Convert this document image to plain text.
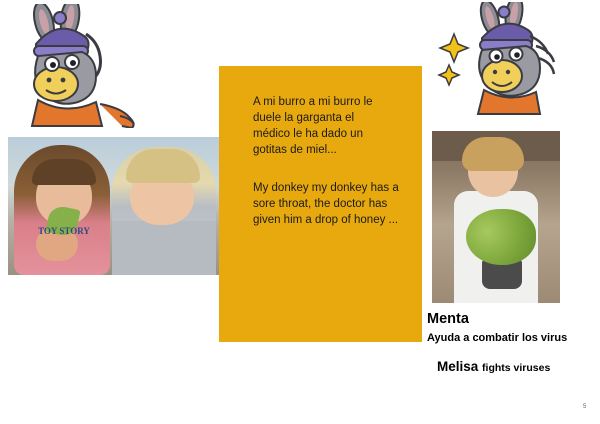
TOY STORY

A mi burro a mi burro le duele la garganta el médico le ha dado un gotitas de miel...

My donkey my donkey has a sore throat, the doctor has given him a drop of honey ...

Menta
Ayuda a combatir los virus
Melisa fights viruses
5
